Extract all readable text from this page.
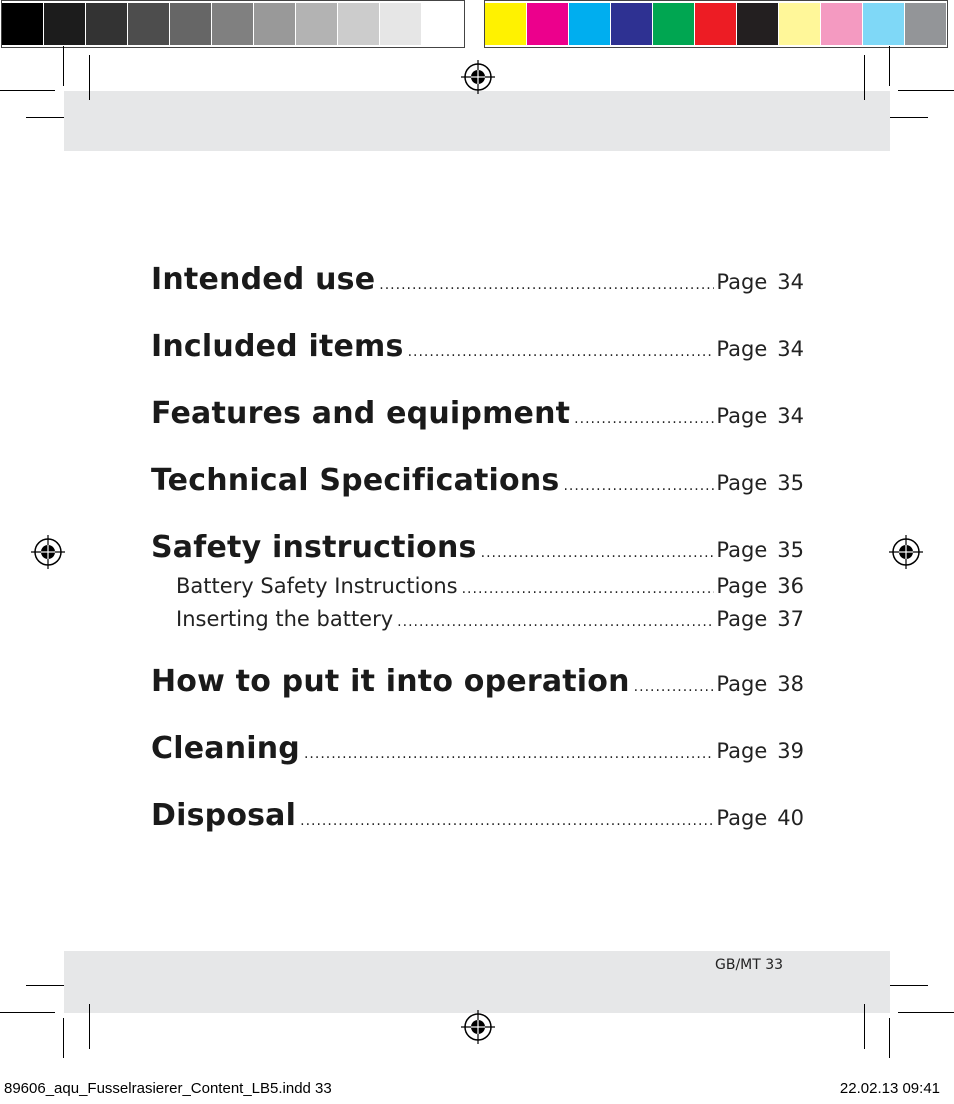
Intended use .....	Page 34
Included items .....	Page 34
Features and equipment .....	Page 34
Technical Specifications .....	Page 35
Safety instructions .....	Page 35
Battery Safety Instructions .....	Page 36
Inserting the battery .....	Page 37
How to put it into operation .....	Page 38
Cleaning .....	Page 39
Disposal .....	Page 40
GB/MT 33
89606_aqu_Fusselrasierer_Content_LB5.indd 33	22.02.13 09:41
